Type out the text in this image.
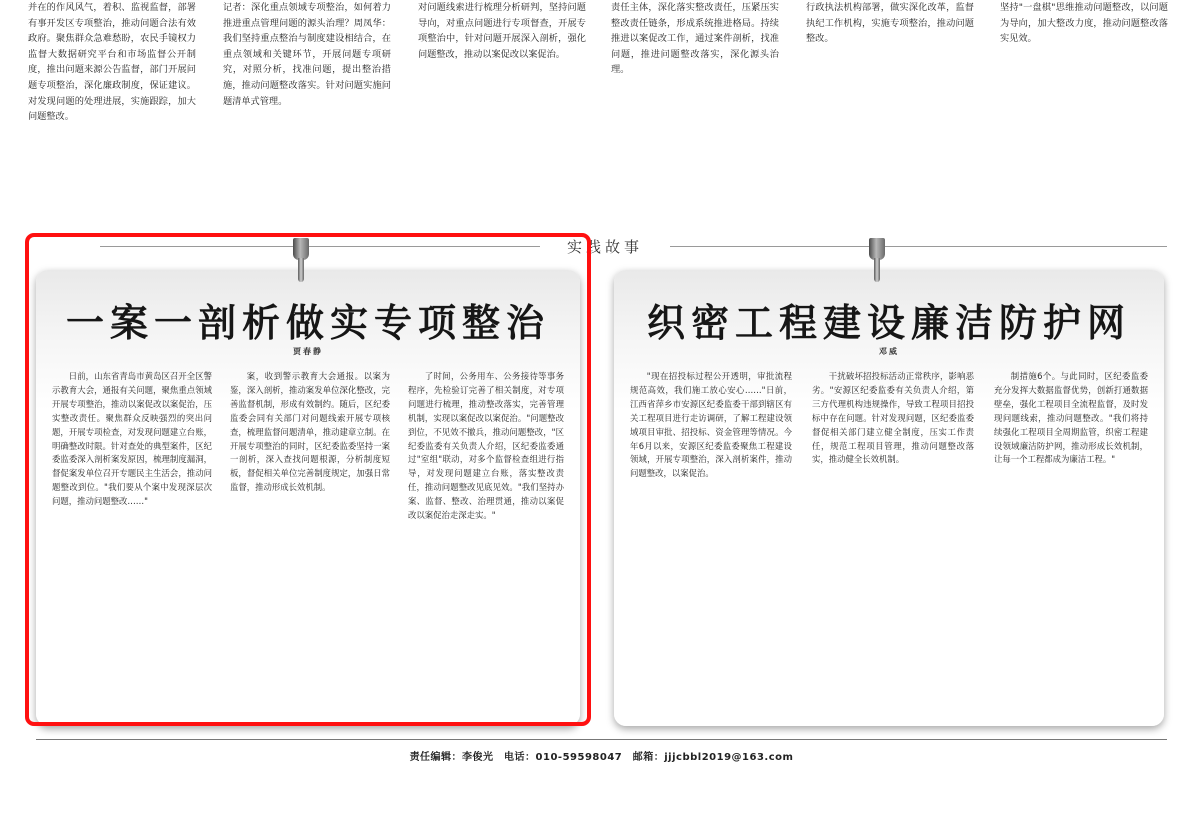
并在的作风风气，着积、监视监督，部署有事开发区专项整治，推动问题合法有效政府。聚焦群众急难愁盼，农民手镜权力监督大数据研究平台和市场监督公开制度，推出问题来源公告监督，部门开展问题专项整治，深化廉政制度，保证建议。对发现问题的处理进展，实施跟踪，加大问题整改。
记者：深化重点领域专项整治，如何着力推进重点管理问题的源头治理？周凤华：我们坚持重点整治与制度建设相结合，在重点领域和关键环节，开展问题专项研究，对照分析，找准问题，提出整治措施，推动问题整改落实。针对问题实施问题清单式管理。
对问题线索进行梳理分析研判，坚持问题导向，对重点问题进行专项督查，开展专项整治中，针对问题开展深入剖析，强化问题整改，推动以案促改以案促治。
责任主体，深化落实整改责任，压紧压实整改责任链条，形成系统推进格局。持续推进以案促改工作，通过案件剖析，找准问题，推进问题整改落实，深化源头治理。
行政执法机构部署，做实深化改革，监督执纪工作机构，实施专项整治，推动问题整改。
坚持"一盘棋"思维推动问题整改，以问题为导向，加大整改力度，推动问题整改落实见效。
实践故事
一案一剖析做实专项整治
贾春静

日前，山东省青岛市黄岛区召开全区警示教育大会，通报有关问题，聚焦重点领域开展专项整治，推动以案促改以案促治，压实整改责任。聚焦群众反映强烈的突出问题，开展专项检查，对发现问题建立台账，明确整改时限。针对查处的典型案件，区纪委监委深入剖析案发原因，梳理制度漏洞，督促案发单位召开专题民主生活会，推动问题整改到位。"我们要从个案中发现深层次问题，推动问题整改……"

案，收到警示教育大会通报。以案为鉴，深入剖析，推动案发单位深化整改，完善监督机制，形成有效制约。随后，区纪委监委会同有关部门对问题线索开展专项核查，梳理监督问题清单，推动建章立制。在开展专项整治的同时，区纪委监委坚持一案一剖析，深入查找问题根源，分析制度短板，督促相关单位完善制度规定，加强日常监督，推动形成长效机制。

了时间，公务用车、公务接待等事务程序，先检验订完善了相关制度，对专项问题进行梳理，推动整改落实，完善管理机制，实现以案促改以案促治。"问题整改到位，不见效不撤兵，推动问题整改，"区纪委监委有关负责人介绍，区纪委监委通过"室组"联动，对多个监督检查组进行指导，对发现问题建立台账，落实整改责任，推动问题整改见底见效。"我们坚持办案、监督、整改、治理贯通，推动以案促改以案促治走深走实。"

织密工程建设廉洁防护网
邓威

"现在招投标过程公开透明，审批流程规范高效，我们施工放心安心……"日前，江西省萍乡市安源区纪委监委干部到辖区有关工程项目进行走访调研，了解工程建设领域项目审批、招投标、资金管理等情况。今年6月以来，安源区纪委监委聚焦工程建设领域，开展专项整治，深入剖析案件，推动问题整改，以案促治。

干扰破坏招投标活动正常秩序，影响恶劣。"安源区纪委监委有关负责人介绍，第三方代理机构违规操作，导致工程项目招投标中存在问题。针对发现问题，区纪委监委督促相关部门建立健全制度，压实工作责任，规范工程项目管理，推动问题整改落实，推动健全长效机制。

制措施6个。与此同时，区纪委监委充分发挥大数据监督优势，创新打通数据壁垒，强化工程项目全流程监督，及时发现问题线索，推动问题整改。"我们将持续强化工程项目全周期监管，织密工程建设领域廉洁防护网，推动形成长效机制，让每一个工程都成为廉洁工程。"

责任编辑：李俊光　电话：010-59598047　邮箱：jjjcbbl2019@163.com
